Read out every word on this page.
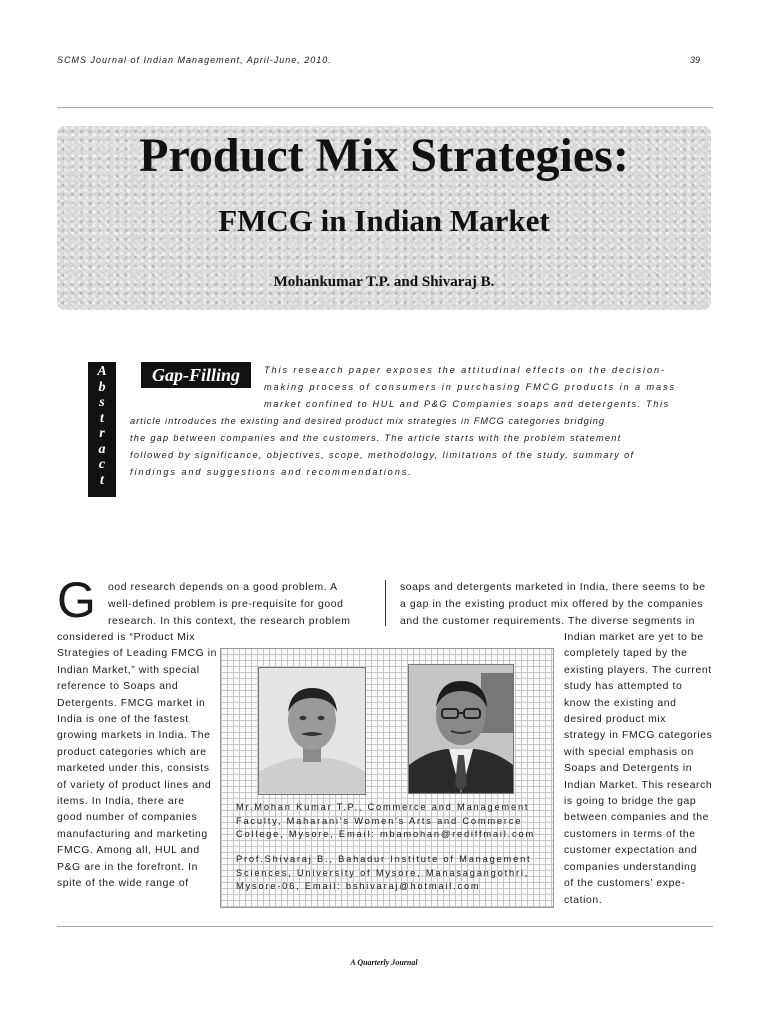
SCMS Journal of Indian Management, April-June, 2010.	39
Product Mix Strategies:
FMCG in Indian Market
Mohankumar T.P. and Shivaraj B.
A
b
s
t
r
a
c
t
Gap-Filling	This research paper exposes the attitudinal effects on the decision-
making process of consumers in purchasing FMCG products in a mass
market confined to HUL and P&G Companies soaps and detergents. This
article introduces the existing and desired product mix strategies in FMCG categories bridging
the gap between companies and the customers. The article starts with the problem statement
followed by significance, objectives, scope, methodology, limitations of the study, summary of
findings and suggestions and recommendations.
G ood research depends on a good problem. A
well-defined problem is pre-requisite for good
research. In this context, the research problem
considered is “Product Mix
Strategies of Leading FMCG in
Indian Market,” with special
reference to Soaps and
Detergents. FMCG market in
India is one of the fastest
growing markets in India. The
product categories which are
marketed under this, consists
of variety of product lines and
items. In India, there are
good number of companies
manufacturing and marketing
FMCG. Among all, HUL and
P&G are in the forefront. In
spite of the wide range of
soaps and detergents marketed in India, there seems to be
a gap in the existing product mix offered by the companies
and the customer requirements. The diverse segments in
Indian market are yet to be
completely taped by the
existing players. The current
study has attempted to
know the existing and
desired product mix
strategy in FMCG categories
with special emphasis on
Soaps and Detergents in
Indian Market. This research
is going to bridge the gap
between companies and the
customers in terms of the
customer expectation and
companies understanding
of the customers’ expe-
ctation.
Mr.Mohan Kumar T.P., Commerce and Management
Faculty, Maharani's Women's Arts and Commerce
College, Mysore, Email: mbamohan@rediffmail.com
Prof.Shivaraj B., Bahadur Institute of Management
Sciences, University of Mysore, Manasagangothri,
Mysore-06, Email: bshivaraj@hotmail.com
A Quarterly Journal
